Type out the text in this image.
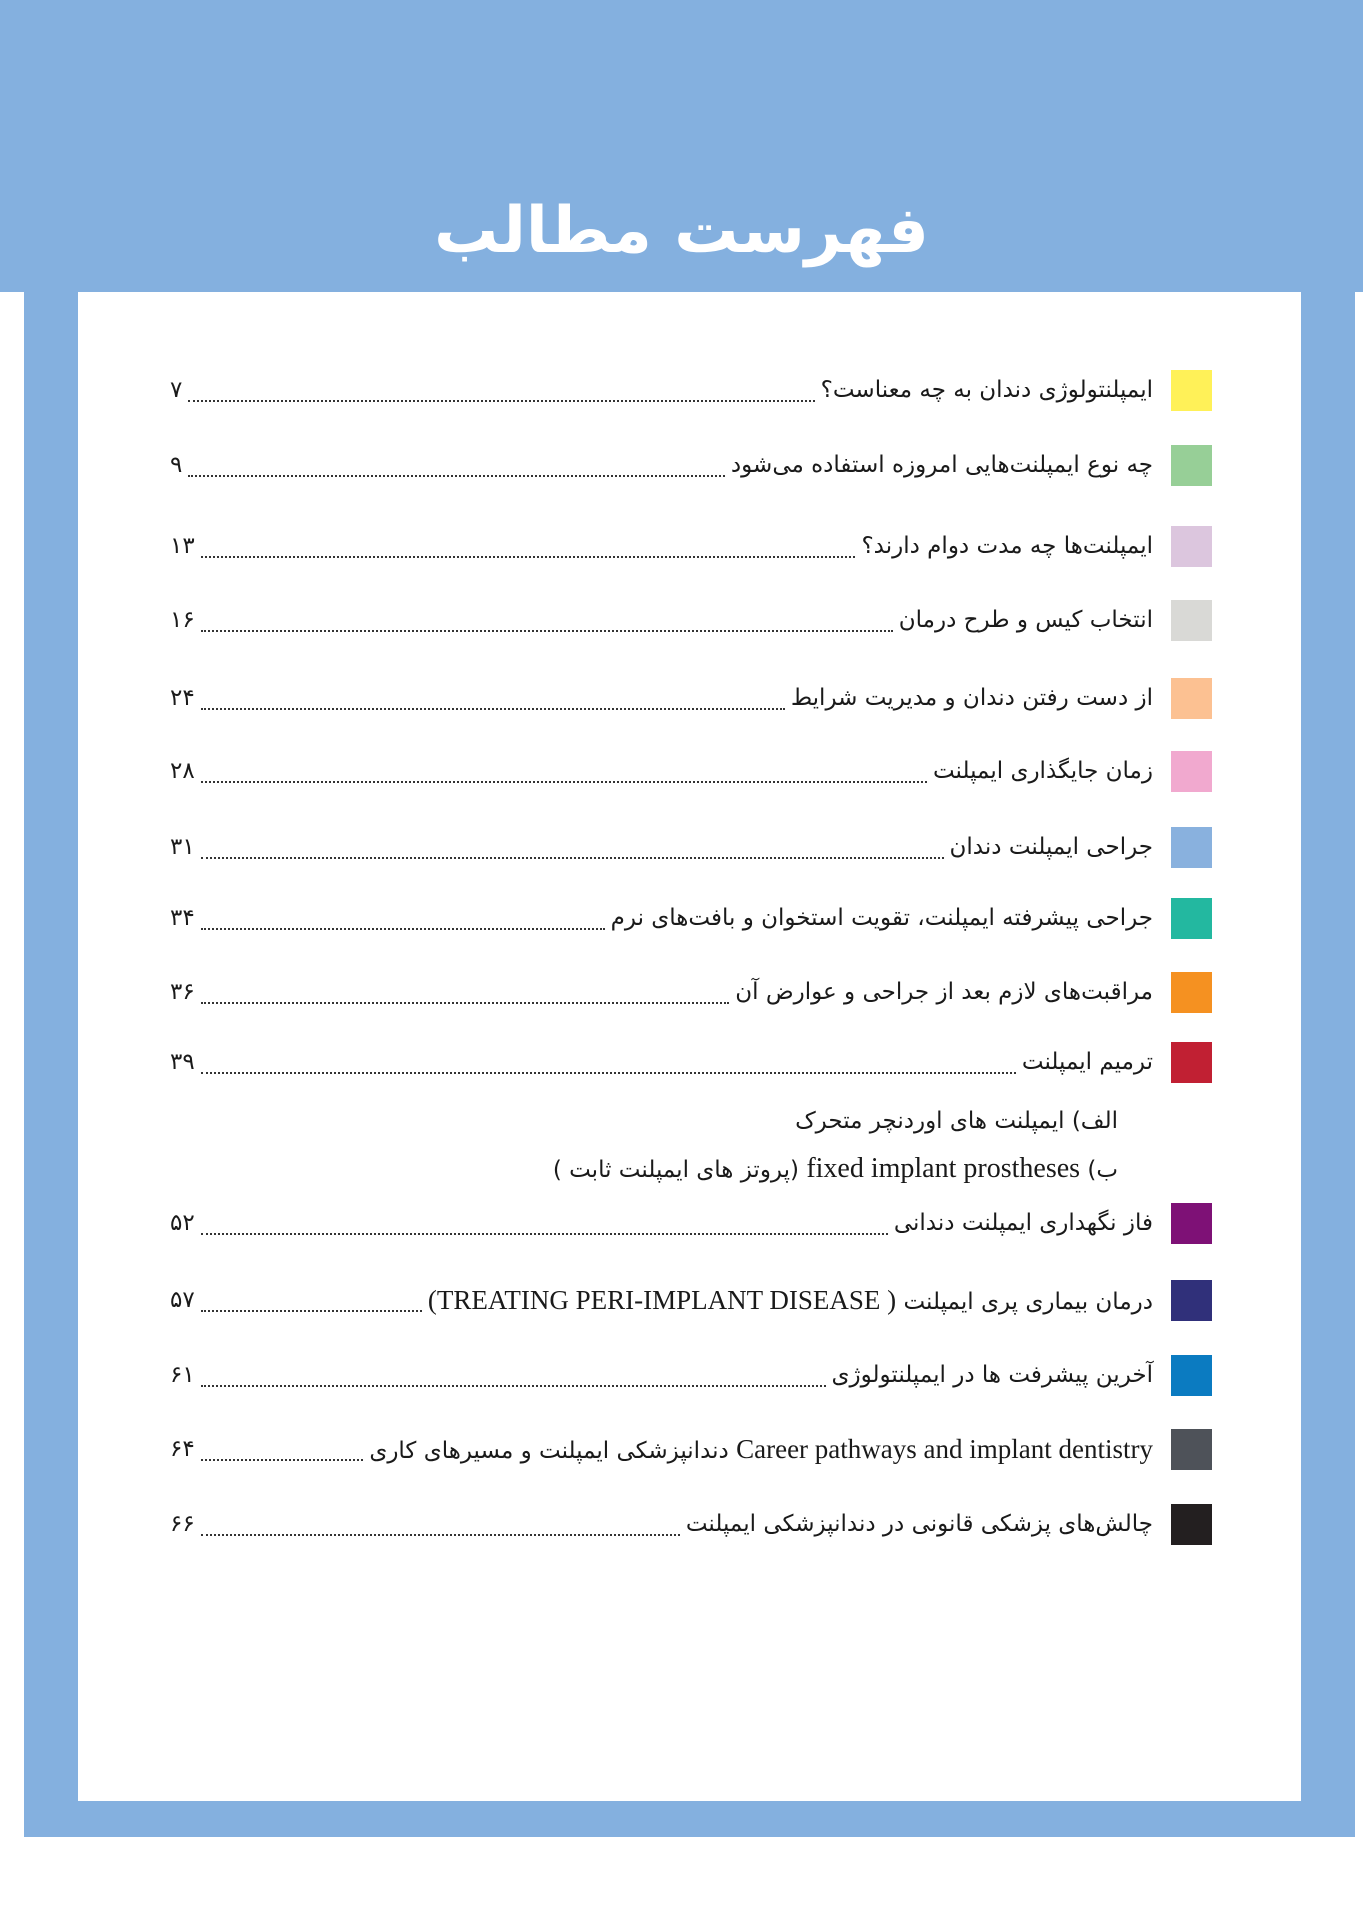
فهرست مطالب
ایمپلنتولوژی دندان به چه معناست؟
۷
چه نوع ایمپلنت‌هایی امروزه استفاده می‌شود
۹
ایمپلنت‌ها چه مدت دوام دارند؟
۱۳
انتخاب کیس و طرح درمان
۱۶
از دست رفتن دندان و مدیریت شرایط
۲۴
زمان جایگذاری ایمپلنت
۲۸
جراحی ایمپلنت دندان
۳۱
جراحی پیشرفته ایمپلنت، تقویت استخوان و بافت‌های نرم
۳۴
مراقبت‌های لازم بعد از جراحی و عوارض آن
۳۶
ترمیم ایمپلنت
۳۹
الف) ایمپلنت های اوردنچر متحرک
ب) fixed implant prostheses (پروتز های ایمپلنت ثابت )
فاز نگهداری ایمپلنت دندانی
۵۲
درمان بیماری پری ایمپلنت ( TREATING PERI-IMPLANT DISEASE)
۵۷
آخرین پیشرفت ها در ایمپلنتولوژی
۶۱
Career pathways and implant dentistry دندانپزشکی ایمپلنت و مسیرهای کاری
۶۴
چالش‌های پزشکی قانونی در دندانپزشکی ایمپلنت
۶۶
